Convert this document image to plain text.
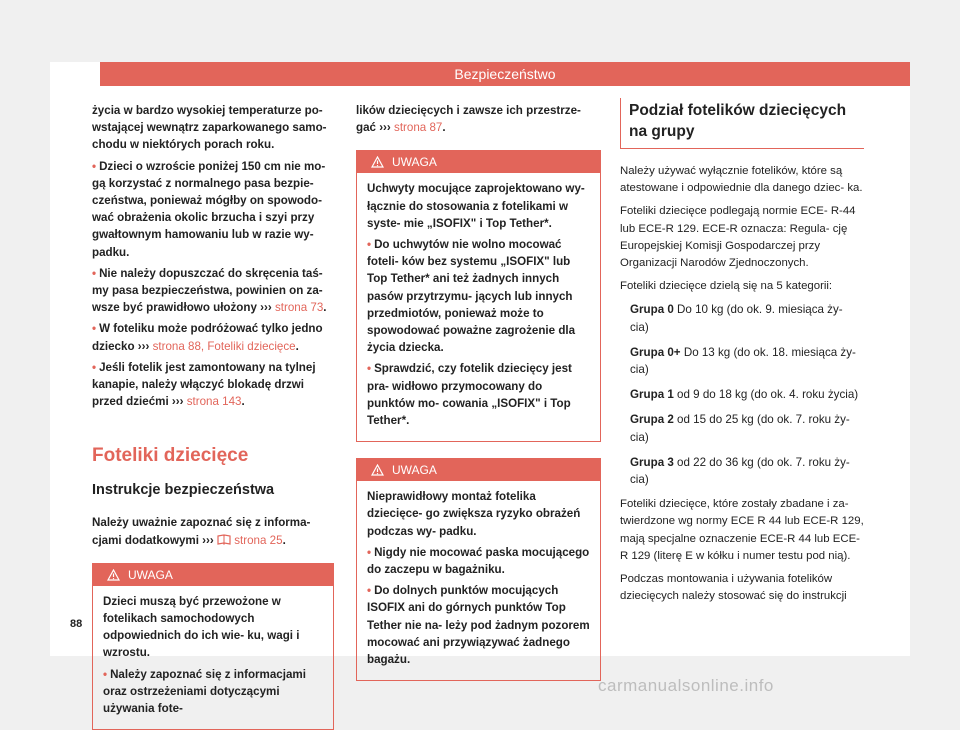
Bezpieczeństwo

życia w bardzo wysokiej temperaturze po- wstającej wewnątrz zaparkowanego samo- chodu w niektórych porach roku.

• Dzieci o wzroście poniżej 150 cm nie mo- gą korzystać z normalnego pasa bezpie- czeństwa, ponieważ mógłby on spowodo- wać obrażenia okolic brzucha i szyi przy gwałtownym hamowaniu lub w razie wy- padku.
• Nie należy dopuszczać do skręcenia taś- my pasa bezpieczeństwa, powinien on za- wsze być prawidłowo ułożony ››› strona 73.
• W foteliku może podróżować tylko jedno dziecko ››› strona 88, Foteliki dziecięce.
• Jeśli fotelik jest zamontowany na tylnej kanapie, należy włączyć blokadę drzwi przed dziećmi ››› strona 143.
Foteliki dziecięce
Instrukcje bezpieczeństwa

Należy uważnie zapoznać się z informa- cjami dodatkowymi ›››  strona 25.

UWAGA

Dzieci muszą być przewożone w fotelikach samochodowych odpowiednich do ich wie- ku, wagi i wzrostu.

• Należy zapoznać się z informacjami oraz ostrzeżeniami dotyczącymi używania fote-

lików dziecięcych i zawsze ich przestrze- gać ››› strona 87.

UWAGA

Uchwyty mocujące zaprojektowano wy- łącznie do stosowania z fotelikami w syste- mie „ISOFIX" i Top Tether*.

• Do uchwytów nie wolno mocować foteli- ków bez systemu „ISOFIX" lub Top Tether* ani też żadnych innych pasów przytrzymu- jących lub innych przedmiotów, ponieważ może to spowodować poważne zagrożenie dla życia dziecka.
• Sprawdzić, czy fotelik dziecięcy jest pra- widłowo przymocowany do punktów mo- cowania „ISOFIX" i Top Tether*.
UWAGA

Nieprawidłowy montaż fotelika dziecięce- go zwiększa ryzyko obrażeń podczas wy- padku.

• Nigdy nie mocować paska mocującego do zaczepu w bagażniku.
• Do dolnych punktów mocujących ISOFIX ani do górnych punktów Top Tether nie na- leży pod żadnym pozorem mocować ani przywiązywać żadnego bagażu.
Podział fotelików dziecięcych na grupy

Należy używać wyłącznie fotelików, które są atestowane i odpowiednie dla danego dziec- ka.

Foteliki dziecięce podlegają normie ECE- R-44 lub ECE-R 129. ECE-R oznacza: Regula- cję Europejskiej Komisji Gospodarczej przy Organizacji Narodów Zjednoczonych.

Foteliki dziecięce dzielą się na 5 kategorii:

Grupa 0 Do 10 kg (do ok. 9. miesiąca ży- cia)
Grupa 0+ Do 13 kg (do ok. 18. miesiąca ży- cia)
Grupa 1 od 9 do 18 kg (do ok. 4. roku życia)
Grupa 2 od 15 do 25 kg (do ok. 7. roku ży- cia)
Grupa 3 od 22 do 36 kg (do ok. 7. roku ży- cia)

Foteliki dziecięce, które zostały zbadane i za- twierdzone wg normy ECE R 44 lub ECE-R 129, mają specjalne oznaczenie ECE-R 44 lub ECE-R 129 (literę E w kółku i numer testu pod nią).

Podczas montowania i używania fotelików dziecięcych należy stosować się do instrukcji

88
carmanualsonline.info
